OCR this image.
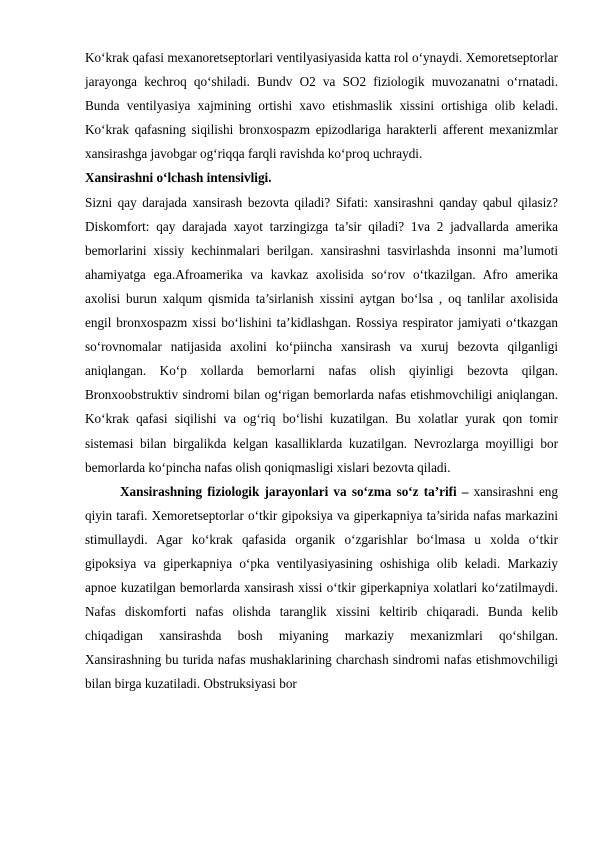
Ko‘krak qafasi mexanoretseptorlari ventilyasiyasida katta rol o‘ynaydi. Xemoretseptorlar jarayonga kechroq qo‘shiladi. Bundv O2 va SO2 fiziologik muvozanatni o‘rnatadi. Bunda ventilyasiya xajmining ortishi xavo etishmaslik xissini ortishiga olib keladi. Ko‘krak qafasning siqilishi bronxospazm epizodlariga harakterli afferent mexanizmlar xansirashga javobgar og‘riqqa farqli ravishda ko‘proq uchraydi.

Xansirashni o‘lchash intensivligi.

Sizni qay darajada xansirash bezovta qiladi? Sifati: xansirashni qanday qabul qilasiz? Diskomfort: qay darajada xayot tarzingizga ta’sir qiladi? 1va 2 jadvallarda amerika bemorlarini xissiy kechinmalari berilgan. xansirashni tasvirlashda insonni ma’lumoti ahamiyatga ega.Afroamerika va kavkaz axolisida so‘rov o‘tkazilgan. Afro amerika axolisi burun xalqum qismida ta’sirlanish xissini aytgan bo‘lsa , oq tanlilar axolisida engil bronxospazm xissi bo‘lishini ta’kidlashgan. Rossiya respirator jamiyati o‘tkazgan so‘rovnomalar natijasida axolini ko‘piincha xansirash va xuruj bezovta qilganligi aniqlangan. Ko‘p xollarda bemorlarni nafas olish qiyinligi bezovta qilgan. Bronxoobstruktiv sindromi bilan og‘rigan bemorlarda nafas etishmovchiligi aniqlangan. Ko‘krak qafasi siqilishi va og‘riq bo‘lishi kuzatilgan. Bu xolatlar yurak qon tomir sistemasi bilan birgalikda kelgan kasalliklarda kuzatilgan. Nevrozlarga moyilligi bor bemorlarda ko‘pincha nafas olish qoniqmasligi xislari bezovta qiladi.

Xansirashning fiziologik jarayonlari va so‘zma so‘z ta’rifi – xansirashni eng qiyin tarafi. Xemoretseptorlar o‘tkir gipoksiya va giperkapniya ta’sirida nafas markazini stimullaydi. Agar ko‘krak qafasida organik o‘zgarishlar bo‘lmasa u xolda o‘tkir gipoksiya va giperkapniya o‘pka ventilyasiyasining oshishiga olib keladi. Markaziy apnoe kuzatilgan bemorlarda xansirash xissi o‘tkir giperkapniya xolatlari ko‘zatilmaydi. Nafas diskomforti nafas olishda taranglik xissini keltirib chiqaradi. Bunda kelib chiqadigan xansirashda bosh miyaning markaziy mexanizmlari qo‘shilgan. Xansirashning bu turida nafas mushaklarining charchash sindromi nafas etishmovchiligi bilan birga kuzatiladi. Obstruksiyasi bor
